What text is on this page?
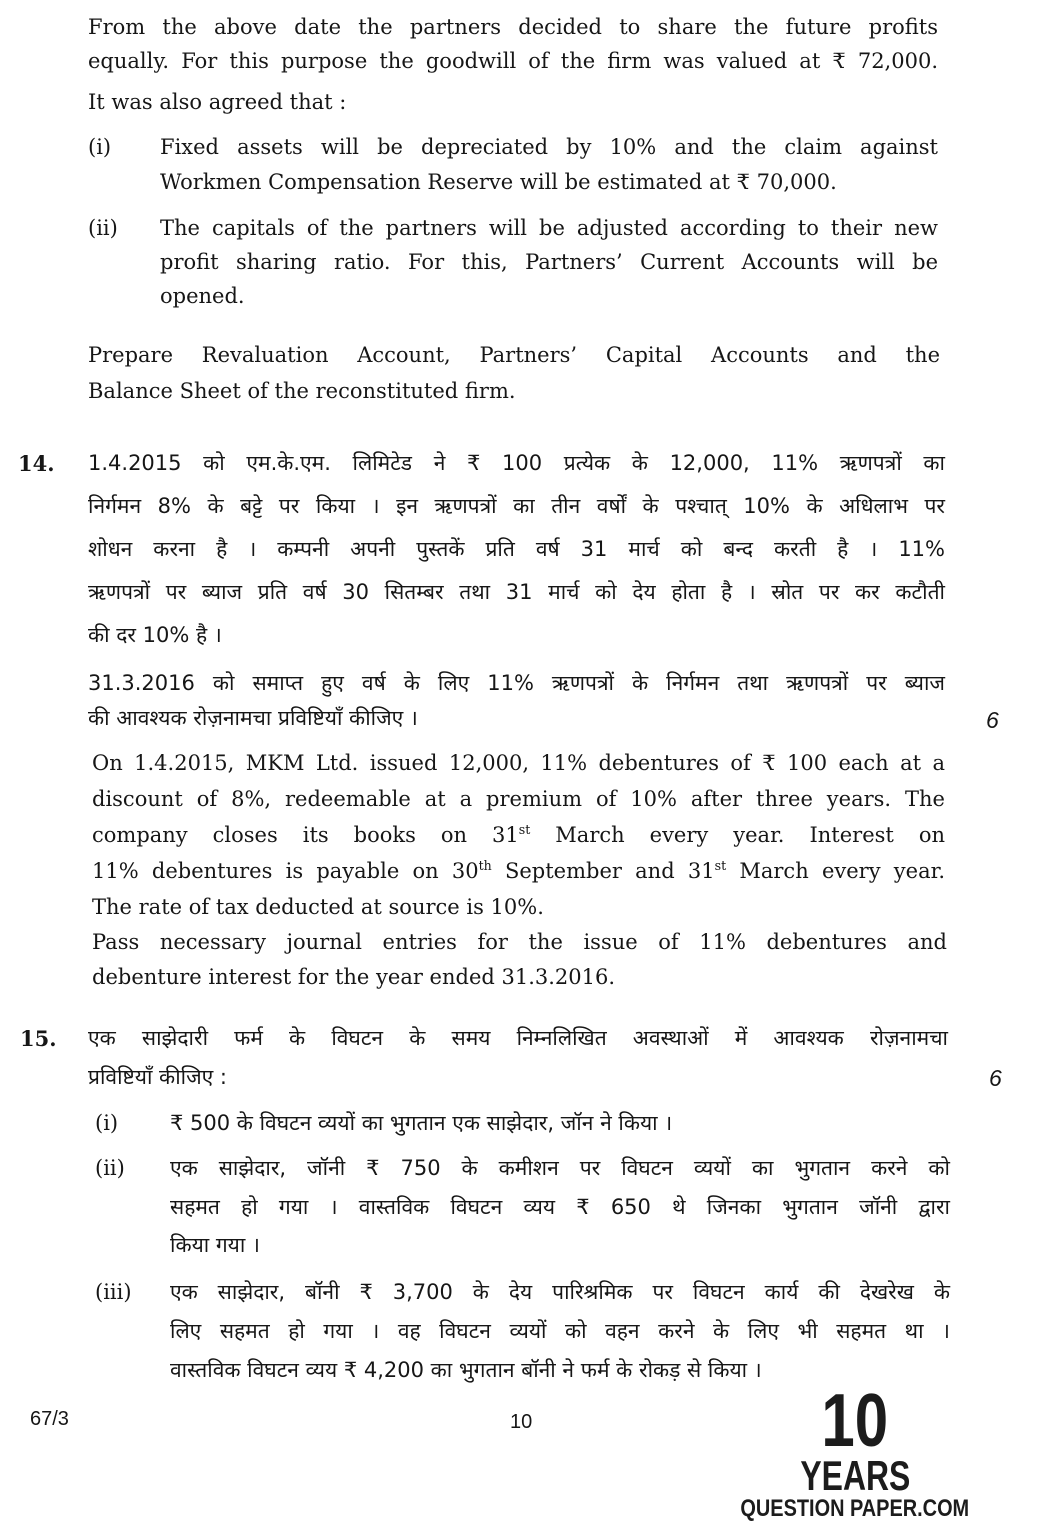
From the above date the partners decided to share the future profits
equally. For this purpose the goodwill of the firm was valued at ₹ 72,000.
It was also agreed that :
(i) Fixed assets will be depreciated by 10% and the claim against
Workmen Compensation Reserve will be estimated at ₹ 70,000.
(ii) The capitals of the partners will be adjusted according to their new
profit sharing ratio. For this, Partners’ Current Accounts will be
opened.
Prepare Revaluation Account, Partners’ Capital Accounts and the
Balance Sheet of the reconstituted firm.
14. 1.4.2015 को एम.के.एम. लिमिटेड ने ₹ 100 प्रत्येक के 12,000, 11% ऋणपत्रों का
निर्गमन 8% के बट्टे पर किया । इन ऋणपत्रों का तीन वर्षों के पश्चात् 10% के अधिलाभ पर
शोधन करना है । कम्पनी अपनी पुस्तकें प्रति वर्ष 31 मार्च को बन्द करती है । 11%
ऋणपत्रों पर ब्याज प्रति वर्ष 30 सितम्बर तथा 31 मार्च को देय होता है । स्रोत पर कर कटौती
की दर 10% है ।
31.3.2016 को समाप्त हुए वर्ष के लिए 11% ऋणपत्रों के निर्गमन तथा ऋणपत्रों पर ब्याज
की आवश्यक रोज़नामचा प्रविष्टियाँ कीजिए ।	6
On 1.4.2015, MKM Ltd. issued 12,000, 11% debentures of ₹ 100 each at a
discount of 8%, redeemable at a premium of 10% after three years. The
company closes its books on 31st March every year. Interest on
11% debentures is payable on 30th September and 31st March every year.
The rate of tax deducted at source is 10%.
Pass necessary journal entries for the issue of 11% debentures and
debenture interest for the year ended 31.3.2016.
15. एक साझेदारी फर्म के विघटन के समय निम्नलिखित अवस्थाओं में आवश्यक रोज़नामचा
प्रविष्टियाँ कीजिए :	6
(i) ₹ 500 के विघटन व्ययों का भुगतान एक साझेदार, जॉन ने किया ।
(ii) एक साझेदार, जॉनी ₹ 750 के कमीशन पर विघटन व्ययों का भुगतान करने को
सहमत हो गया । वास्तविक विघटन व्यय ₹ 650 थे जिनका भुगतान जॉनी द्वारा
किया गया ।
(iii) एक साझेदार, बॉनी ₹ 3,700 के देय पारिश्रमिक पर विघटन कार्य की देखरेख के
लिए सहमत हो गया । वह विघटन व्ययों को वहन करने के लिए भी सहमत था ।
वास्तविक विघटन व्यय ₹ 4,200 का भुगतान बॉनी ने फर्म के रोकड़ से किया ।
67/3	10	10
YEARS
QUESTION PAPER.COM
